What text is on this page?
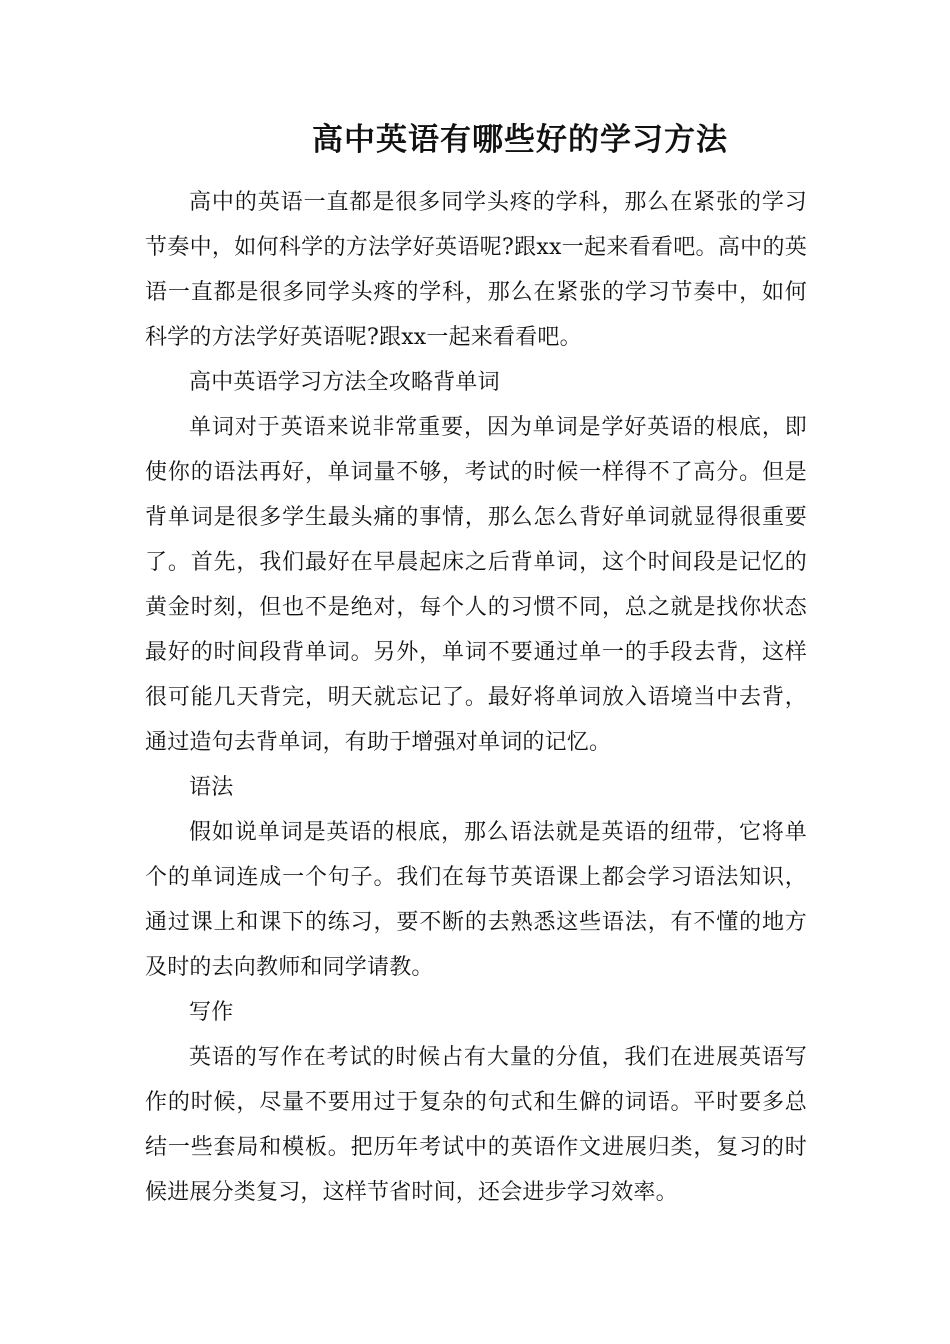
高中英语有哪些好的学习方法

高中的英语一直都是很多同学头疼的学科，那么在紧张的学习节奏中，如何科学的方法学好英语呢?跟xx一起来看看吧。高中的英语一直都是很多同学头疼的学科，那么在紧张的学习节奏中，如何科学的方法学好英语呢?跟xx一起来看看吧。

高中英语学习方法全攻略背单词

单词对于英语来说非常重要，因为单词是学好英语的根底，即使你的语法再好，单词量不够，考试的时候一样得不了高分。但是背单词是很多学生最头痛的事情，那么怎么背好单词就显得很重要了。首先，我们最好在早晨起床之后背单词，这个时间段是记忆的黄金时刻，但也不是绝对，每个人的习惯不同，总之就是找你状态最好的时间段背单词。另外，单词不要通过单一的手段去背，这样很可能几天背完，明天就忘记了。最好将单词放入语境当中去背，通过造句去背单词，有助于增强对单词的记忆。

语法

假如说单词是英语的根底，那么语法就是英语的纽带，它将单个的单词连成一个句子。我们在每节英语课上都会学习语法知识，通过课上和课下的练习，要不断的去熟悉这些语法，有不懂的地方及时的去向教师和同学请教。

写作

英语的写作在考试的时候占有大量的分值，我们在进展英语写作的时候，尽量不要用过于复杂的句式和生僻的词语。平时要多总结一些套局和模板。把历年考试中的英语作文进展归类，复习的时候进展分类复习，这样节省时间，还会进步学习效率。
